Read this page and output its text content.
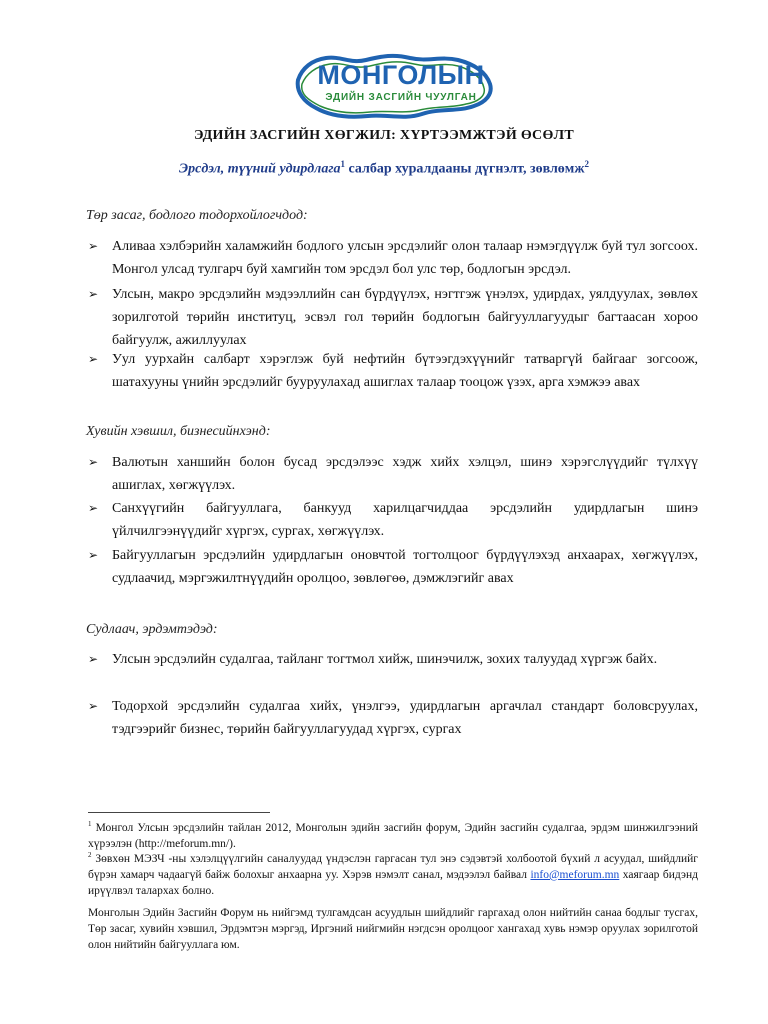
МОНГОЛЫН
ЭДИЙН ЗАСГИЙН ЧУУЛГАН
ЭДИЙН ЗАСГИЙН ХӨГЖИЛ: ХҮРТЭЭМЖТЭЙ ӨСӨЛТ
Эрсдэл, түүний удирдлага$^1$ салбар хуралдааны дүгнэлт, зөвлөмж$^2$
Төр засаг, бодлого тодорхойлогчдод:
➢ Аливаа хэлбэрийн халамжийн бодлого улсын эрсдэлийг олон талаар нэмэгдүүлж буй тул зогсоох. Монгол улсад тулгарч буй хамгийн том эрсдэл бол улс төр, бодлогын эрсдэл.
➢ Улсын, макро эрсдэлийн мэдээллийн сан бүрдүүлэх, нэгтгэж үнэлэх, удирдах, уялдуулах, зөвлөх зорилготой төрийн институц, эсвэл гол төрийн бодлогын байгууллагуудыг багтаасан хороо байгуулж, ажиллуулах
➢ Уул уурхайн салбарт хэрэглэж буй нефтийн бүтээгдэхүүнийг татваргүй байгааг зогсоож, шатахууны үнийн эрсдэлийг бууруулахад ашиглах талаар тооцож үзэх, арга хэмжээ авах
Хувийн хэвшил, бизнесийнхэнд:
➢ Валютын ханшийн болон бусад эрсдэлээс хэдж хийх хэлцэл, шинэ хэрэгслүүдийг түлхүү ашиглах, хөгжүүлэх.
➢ Санхүүгийн байгууллага, банкууд харилцагчиддаа эрсдэлийн удирдлагын шинэ үйлчилгээнүүдийг хүргэх, сургах, хөгжүүлэх.
➢ Байгууллагын эрсдэлийн удирдлагын оновчтой тогтолцоог бүрдүүлэхэд анхаарах, хөгжүүлэх, судлаачид, мэргэжилтнүүдийн оролцоо, зөвлөгөө, дэмжлэгийг авах
Судлаач, эрдэмтэдэд:
➢ Улсын эрсдэлийн судалгаа, тайланг тогтмол хийж, шинэчилж, зохих талуудад хүргэж байх.
➢ Тодорхой эрсдэлийн судалгаа хийх, үнэлгээ, удирдлагын аргачлал стандарт боловсруулах, тэдгээрийг бизнес, төрийн байгууллагуудад хүргэх, сургах
$^1$ Монгол Улсын эрсдэлийн тайлан 2012, Монголын эдийн засгийн форум, Эдийн засгийн судалгаа, эрдэм шинжилгээний хүрээлэн (http://meforum.mn/).
$^2$ Зөвхөн МЭЗЧ -ны хэлэлцүүлгийн саналуудад үндэслэн гаргасан тул энэ сэдэвтэй холбоотой бүхий л асуудал, шийдлийг бүрэн хамарч чадаагүй байж болохыг анхаарна уу. Хэрэв нэмэлт санал, мэдээлэл байвал info@meforum.mn хаягаар бидэнд ирүүлвэл талархах болно.
Монголын Эдийн Засгийн Форум нь нийгэмд тулгамдсан асуудлын шийдлийг гаргахад олон нийтийн санаа бодлыг тусгах, Төр засаг, хувийн хэвшил, Эрдэмтэн мэргэд, Иргэний нийгмийн нэгдсэн оролцоог хангахад хувь нэмэр оруулах зорилготой олон нийтийн байгууллага юм.
